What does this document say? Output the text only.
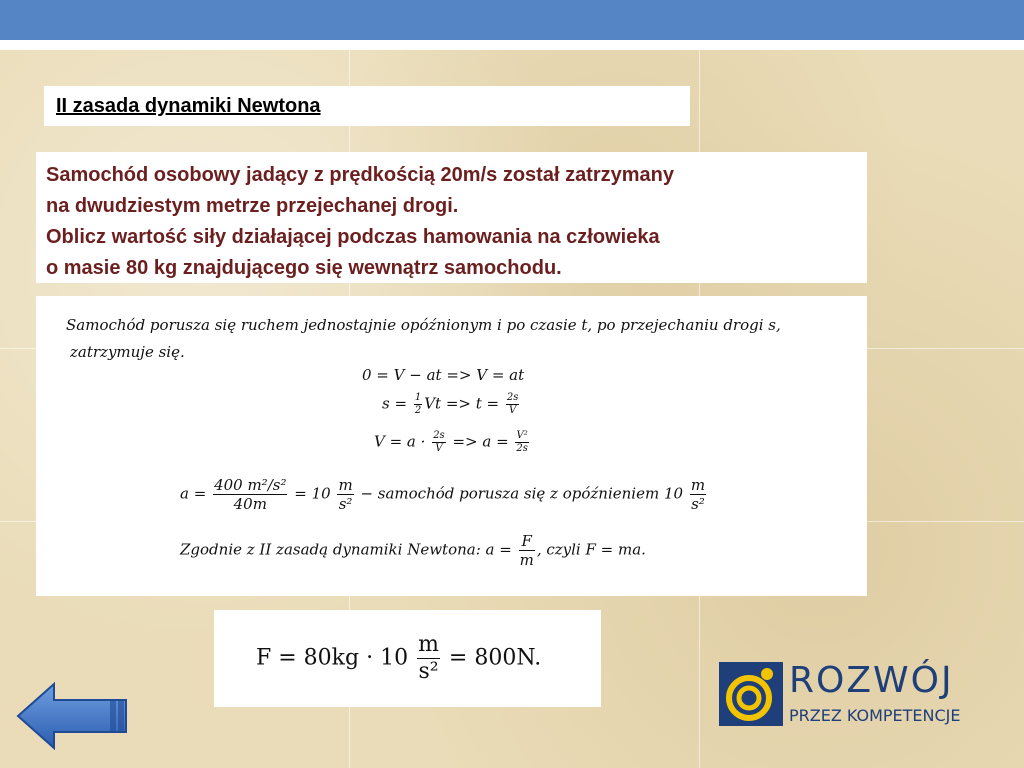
II zasada dynamiki Newtona
Samochód osobowy jadący z prędkością 20m/s został zatrzymany
na dwudziestym metrze przejechanej drogi.
Oblicz wartość siły działającej podczas hamowania na człowieka
o masie 80 kg znajdującego się wewnątrz samochodu.
Samochód porusza się ruchem jednostajnie opóźnionym i po czasie t, po przejechaniu drogi s,
zatrzymuje się.
0 = V − at => V = at
$s = \frac{1}{2}$ $Vt => t = \frac{2s}{V}$
$V = a \cdot \frac{2s}{V} => a = \frac{\text{V²}}{2s}$
$a = \frac{\text{400 m²/s²}}{40m} = 10 \frac{m}{\text{s²}}$ − samochód porusza się z opóźnieniem $10 \frac{m}{\text{s²}}$
Zgodnie z II zasadą dynamiki Newtona: $a = \frac{F}{m}$ , czyli F = ma.
$F = 80kg \cdot 10 \frac{m}{\text{s²}} = 800N$.
ROZWÓJ
PRZEZ KOMPETENCJE
